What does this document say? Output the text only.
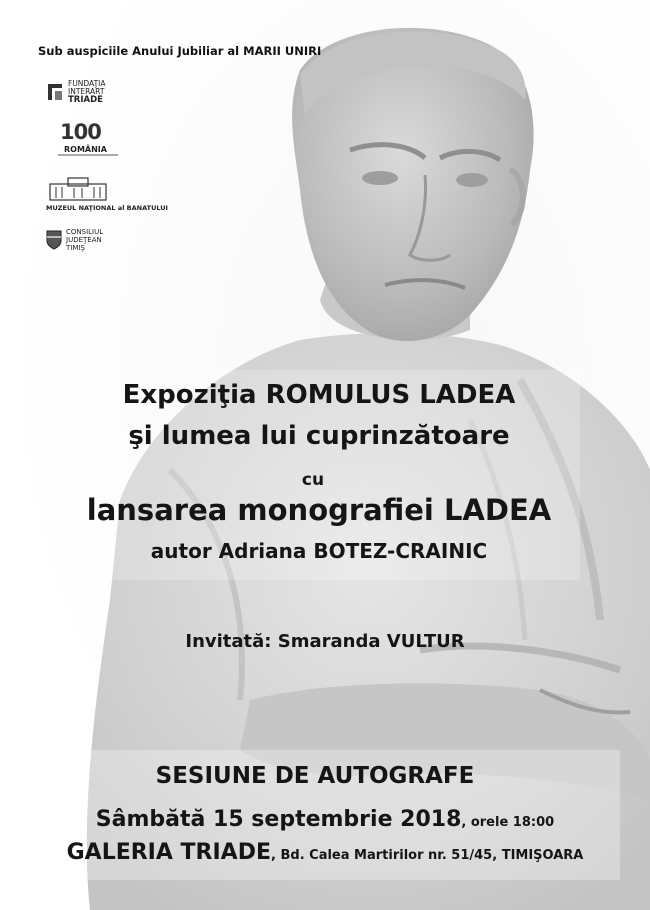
Sub auspiciile Anului Jubiliar al MARII UNIRI
FUNDAŢIA
INTERART
TRIADE
100
ROMÂNIA
MUZEUL NAŢIONAL al BANATULUI
CONSILIUL
JUDEŢEAN
TIMIŞ
Expoziţia ROMULUS LADEA
şi lumea lui cuprinzătoare
cu
lansarea monografiei LADEA
autor Adriana BOTEZ-CRAINIC
Invitată: Smaranda VULTUR
SESIUNE DE AUTOGRAFE
Sâmbătă 15 septembrie 2018, orele 18:00
GALERIA TRIADE, Bd. Calea Martirilor nr. 51/45, TIMIŞOARA
